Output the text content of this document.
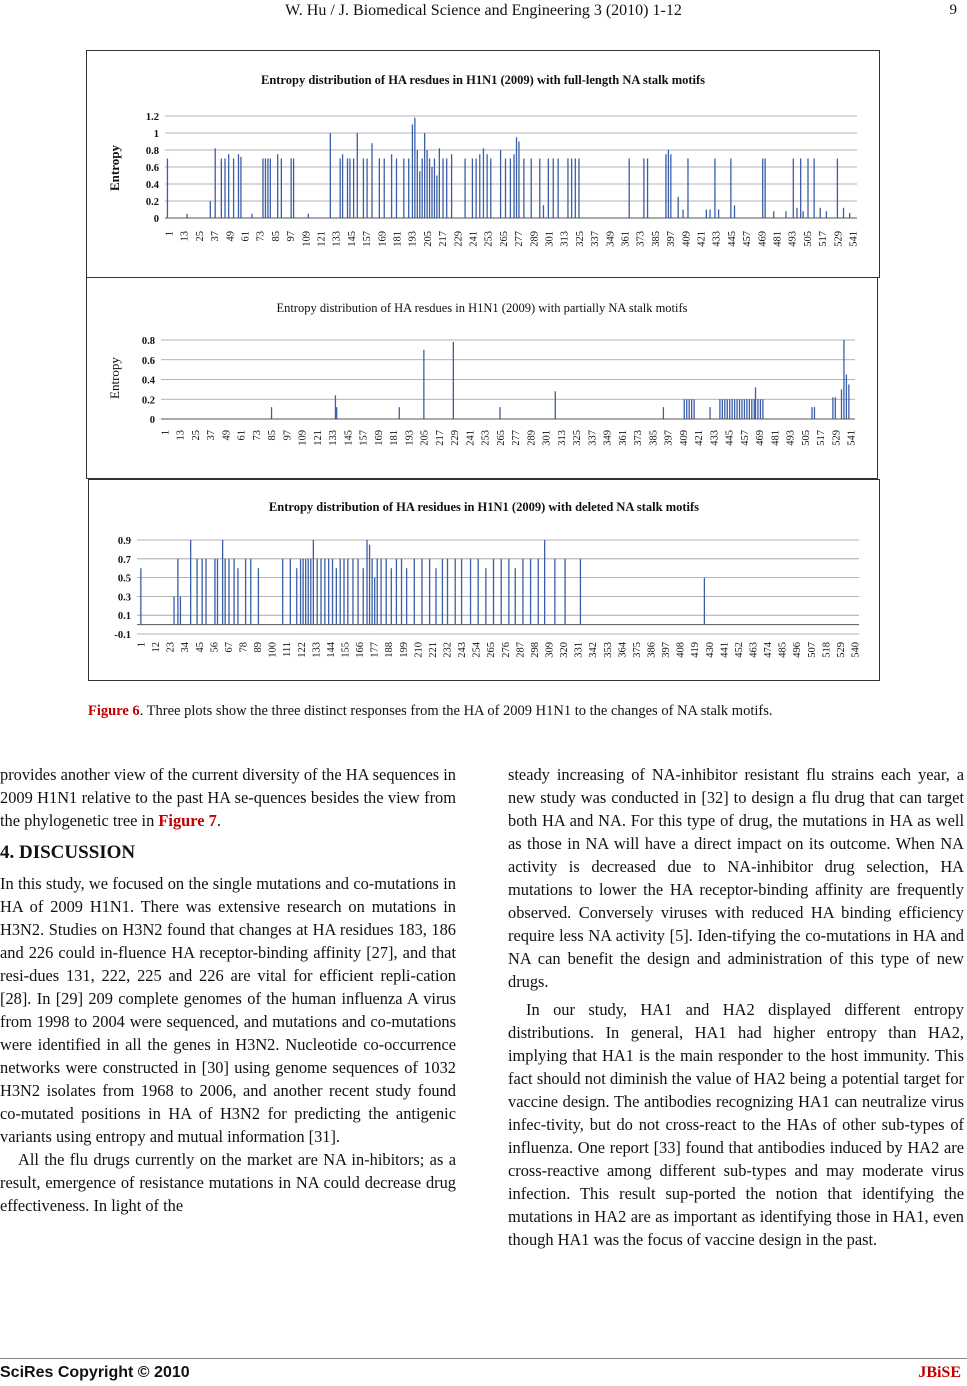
W. Hu / J. Biomedical Science and Engineering 3 (2010) 1-12	9
Entropy distribution of HA resdues in H1N1 (2009) with full-length NA stalk motifs
1.2
1
0.8
0.6
0.4
0.2
0
Entropy
1 13 25 37 49 61 73 85 97 109 121 133 145 157 169 181 193 205 217 229 241 253 265 277 289 301 313 325 337 349 361 373 385 397 409 421 433 445 457 469 481 493 505 517 529 541
Entropy distribution of HA resdues in H1N1 (2009) with partially NA stalk motifs
0.8
0.6
0.4
0.2
0
Entropy
1 13 25 37 49 61 73 85 97 109 121 133 145 157 169 181 193 205 217 229 241 253 265 277 289 301 313 325 337 349 361 373 385 397 409 421 433 445 457 469 481 493 505 517 529 541
Entropy distribution of HA residues in H1N1 (2009) with deleted NA stalk motifs
0.9
0.7
0.5
0.3
0.1
-0.1
1 12 23 34 45 56 67 78 89 100 111 122 133 144 155 166 177 188 199 210 221 232 243 254 265 276 287 298 309 320 331 342 353 364 375 386 397 408 419 430 441 452 463 474 485 496 507 518 529 540
Figure 6. Three plots show the three distinct responses from the HA of 2009 H1N1 to the changes of NA stalk motifs.

provides another view of the current diversity of the HA sequences in 2009 H1N1 relative to the past HA se-quences besides the view from the phylogenetic tree in Figure 7.

4. DISCUSSION

In this study, we focused on the single mutations and co-mutations in HA of 2009 H1N1. There was extensive research on mutations in H3N2. Studies on H3N2 found that changes at HA residues 183, 186 and 226 could in-fluence HA receptor-binding affinity [27], and that resi-dues 131, 222, 225 and 226 are vital for efficient repli-cation [28]. In [29] 209 complete genomes of the human influenza A virus from 1998 to 2004 were sequenced, and mutations and co-mutations were identified in all the genes in H3N2. Nucleotide co-occurrence networks were constructed in [30] using genome sequences of 1032 H3N2 isolates from 1968 to 2006, and another recent study found co-mutated positions in HA of H3N2 for predicting the antigenic variants using entropy and mutual information [31].

All the flu drugs currently on the market are NA in-hibitors; as a result, emergence of resistance mutations in NA could decrease drug effectiveness. In light of the

steady increasing of NA-inhibitor resistant flu strains each year, a new study was conducted in [32] to design a flu drug that can target both HA and NA. For this type of drug, the mutations in HA as well as those in NA will have a direct impact on its outcome. When NA activity is decreased due to NA-inhibitor drug selection, HA mutations to lower the HA receptor-binding affinity are frequently observed. Conversely viruses with reduced HA binding efficiency require less NA activity [5]. Iden-tifying the co-mutations in HA and NA can benefit the design and administration of this type of new drugs.

In our study, HA1 and HA2 displayed different entropy distributions. In general, HA1 had higher entropy than HA2, implying that HA1 is the main responder to the host immunity. This fact should not diminish the value of HA2 being a potential target for vaccine design. The antibodies recognizing HA1 can neutralize virus infec-tivity, but do not cross-react to the HAs of other sub-types of influenza. One report [33] found that antibodies induced by HA2 are cross-reactive among different sub-types and may moderate virus infection. This result sup-ported the notion that identifying the mutations in HA2 are as important as identifying those in HA1, even though HA1 was the focus of vaccine design in the past.

SciRes Copyright © 2010	JBiSE
